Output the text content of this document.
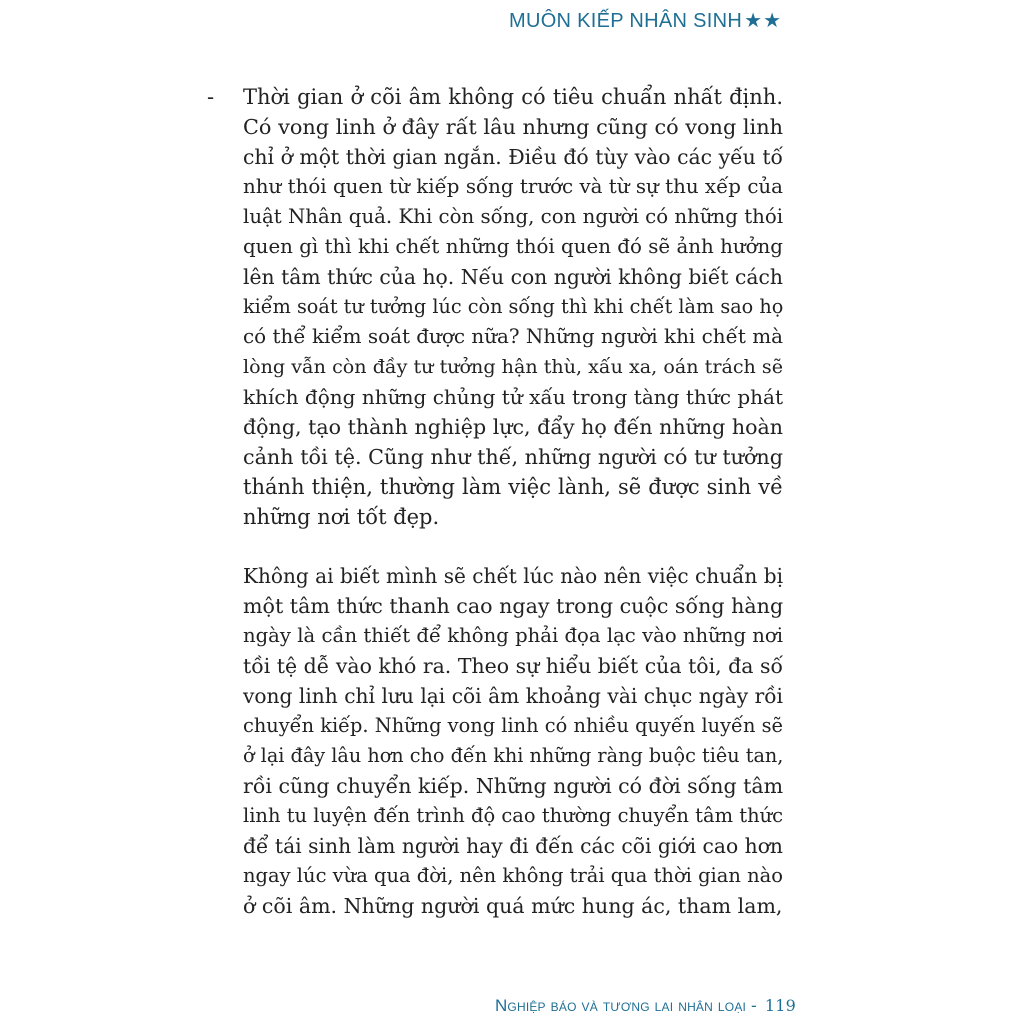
MUÔN KIẾP NHÂN SINH ★★
- Thời gian ở cõi âm không có tiêu chuẩn nhất định.
Có vong linh ở đây rất lâu nhưng cũng có vong linh
chỉ ở một thời gian ngắn. Điều đó tùy vào các yếu tố
như thói quen từ kiếp sống trước và từ sự thu xếp của
luật Nhân quả. Khi còn sống, con người có những thói
quen gì thì khi chết những thói quen đó sẽ ảnh hưởng
lên tâm thức của họ. Nếu con người không biết cách
kiểm soát tư tưởng lúc còn sống thì khi chết làm sao họ
có thể kiểm soát được nữa? Những người khi chết mà
lòng vẫn còn đầy tư tưởng hận thù, xấu xa, oán trách sẽ
khích động những chủng tử xấu trong tàng thức phát
động, tạo thành nghiệp lực, đẩy họ đến những hoàn
cảnh tồi tệ. Cũng như thế, những người có tư tưởng
thánh thiện, thường làm việc lành, sẽ được sinh về
những nơi tốt đẹp.
Không ai biết mình sẽ chết lúc nào nên việc chuẩn bị
một tâm thức thanh cao ngay trong cuộc sống hàng
ngày là cần thiết để không phải đọa lạc vào những nơi
tồi tệ dễ vào khó ra. Theo sự hiểu biết của tôi, đa số
vong linh chỉ lưu lại cõi âm khoảng vài chục ngày rồi
chuyển kiếp. Những vong linh có nhiều quyến luyến sẽ
ở lại đây lâu hơn cho đến khi những ràng buộc tiêu tan,
rồi cũng chuyển kiếp. Những người có đời sống tâm
linh tu luyện đến trình độ cao thường chuyển tâm thức
để tái sinh làm người hay đi đến các cõi giới cao hơn
ngay lúc vừa qua đời, nên không trải qua thời gian nào
ở cõi âm. Những người quá mức hung ác, tham lam,
Nghiệp báo và tương lai nhân loại - 119
